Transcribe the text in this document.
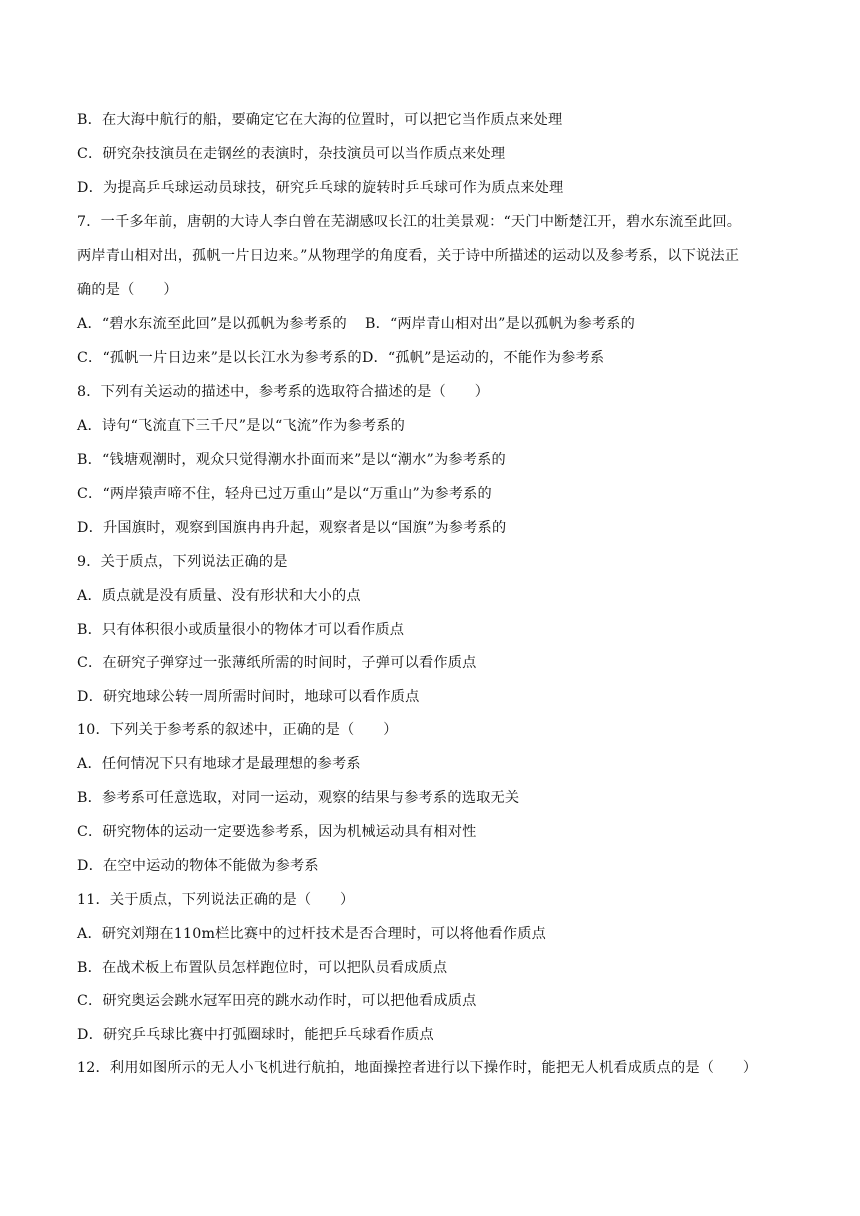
B．在大海中航行的船，要确定它在大海的位置时，可以把它当作质点来处理
C．研究杂技演员在走钢丝的表演时，杂技演员可以当作质点来处理
D．为提高乒乓球运动员球技，研究乒乓球的旋转时乒乓球可作为质点来处理
7．一千多年前，唐朝的大诗人李白曾在芜湖感叹长江的壮美景观：“天门中断楚江开，碧水东流至此回。
两岸青山相对出，孤帆一片日边来。”从物理学的角度看，关于诗中所描述的运动以及参考系，以下说法正
确的是（　　）
A．“碧水东流至此回”是以孤帆为参考系的 B．“两岸青山相对出”是以孤帆为参考系的
C．“孤帆一片日边来”是以长江水为参考系的D．“孤帆”是运动的，不能作为参考系
8．下列有关运动的描述中，参考系的选取符合描述的是（　　）
A．诗句“飞流直下三千尺”是以“飞流”作为参考系的
B．“钱塘观潮时，观众只觉得潮水扑面而来”是以“潮水”为参考系的
C．“两岸猿声啼不住，轻舟已过万重山”是以“万重山”为参考系的
D．升国旗时，观察到国旗冉冉升起，观察者是以“国旗”为参考系的
9．关于质点，下列说法正确的是
A．质点就是没有质量、没有形状和大小的点
B．只有体积很小或质量很小的物体才可以看作质点
C．在研究子弹穿过一张薄纸所需的时间时，子弹可以看作质点
D．研究地球公转一周所需时间时，地球可以看作质点
10．下列关于参考系的叙述中，正确的是（　　）
A．任何情况下只有地球才是最理想的参考系
B．参考系可任意选取，对同一运动，观察的结果与参考系的选取无关
C．研究物体的运动一定要选参考系，因为机械运动具有相对性
D．在空中运动的物体不能做为参考系
11．关于质点，下列说法正确的是（　　）
A．研究刘翔在110m栏比赛中的过杆技术是否合理时，可以将他看作质点
B．在战术板上布置队员怎样跑位时，可以把队员看成质点
C．研究奥运会跳水冠军田亮的跳水动作时，可以把他看成质点
D．研究乒乓球比赛中打弧圈球时，能把乒乓球看作质点
12．利用如图所示的无人小飞机进行航拍，地面操控者进行以下操作时，能把无人机看成质点的是（　　）
